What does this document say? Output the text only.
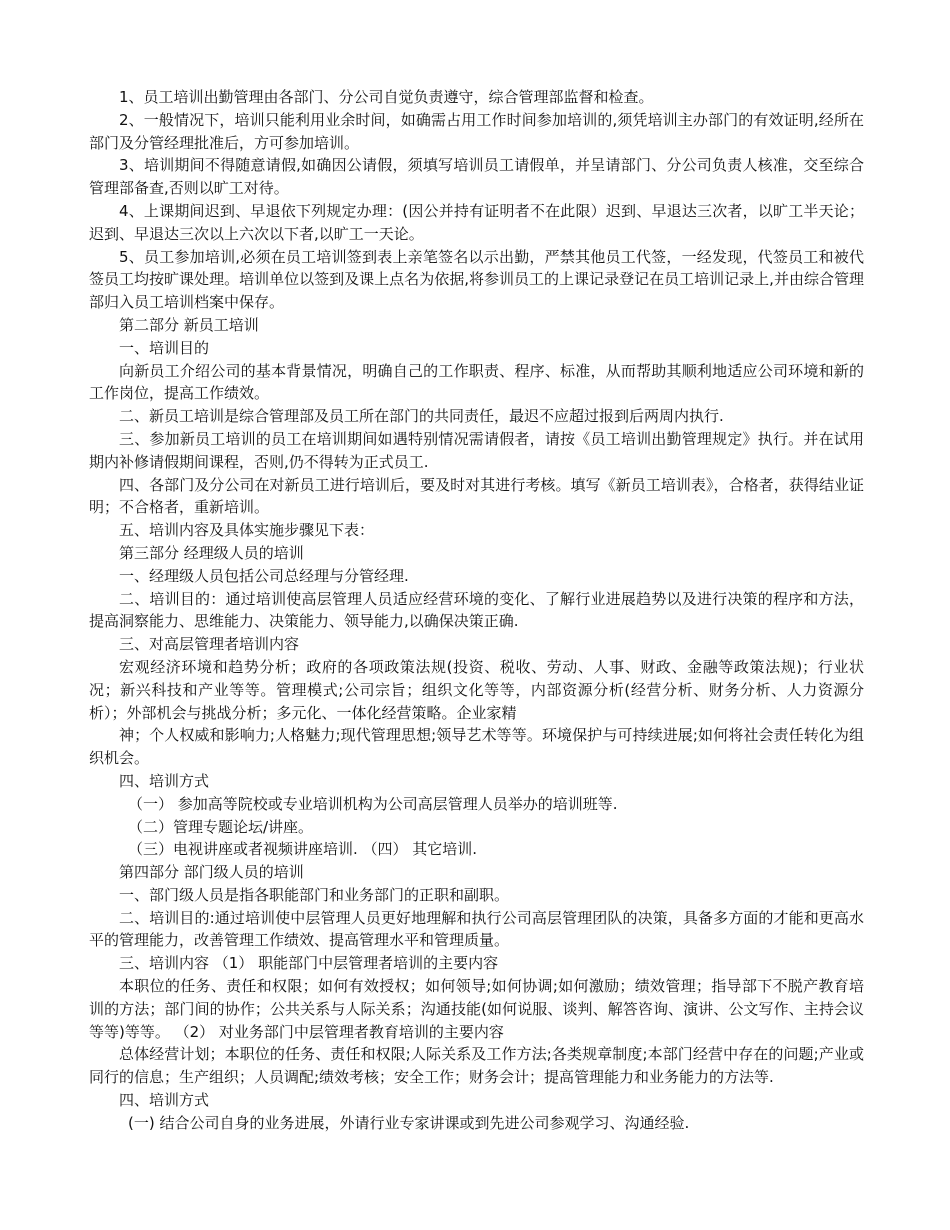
1、员工培训出勤管理由各部门、分公司自觉负责遵守，综合管理部监督和检查。

2、一般情况下，培训只能利用业余时间，如确需占用工作时间参加培训的,须凭培训主办部门的有效证明,经所在部门及分管经理批准后，方可参加培训。

3、培训期间不得随意请假,如确因公请假，须填写培训员工请假单，并呈请部门、分公司负责人核准，交至综合管理部备查,否则以旷工对待。

4、上课期间迟到、早退依下列规定办理：(因公并持有证明者不在此限）迟到、早退达三次者，以旷工半天论；迟到、早退达三次以上六次以下者,以旷工一天论。

5、员工参加培训,必须在员工培训签到表上亲笔签名以示出勤，严禁其他员工代签，一经发现，代签员工和被代签员工均按旷课处理。培训单位以签到及课上点名为依据,将参训员工的上课记录登记在员工培训记录上,并由综合管理部归入员工培训档案中保存。

第二部分 新员工培训

一、培训目的

向新员工介绍公司的基本背景情况，明确自己的工作职责、程序、标准，从而帮助其顺利地适应公司环境和新的工作岗位，提高工作绩效。

二、新员工培训是综合管理部及员工所在部门的共同责任，最迟不应超过报到后两周内执行.

三、参加新员工培训的员工在培训期间如遇特别情况需请假者，请按《员工培训出勤管理规定》执行。并在试用期内补修请假期间课程，否则,仍不得转为正式员工.

四、各部门及分公司在对新员工进行培训后，要及时对其进行考核。填写《新员工培训表》，合格者，获得结业证明；不合格者，重新培训。

五、培训内容及具体实施步骤见下表：

第三部分 经理级人员的培训

一、经理级人员包括公司总经理与分管经理.

二、培训目的：通过培训使高层管理人员适应经营环境的变化、了解行业进展趋势以及进行决策的程序和方法，提高洞察能力、思维能力、决策能力、领导能力,以确保决策正确.

三、对高层管理者培训内容

宏观经济环境和趋势分析；政府的各项政策法规(投资、税收、劳动、人事、财政、金融等政策法规)；行业状况；新兴科技和产业等等。管理模式;公司宗旨；组织文化等等，内部资源分析(经营分析、财务分析、人力资源分析）；外部机会与挑战分析；多元化、一体化经营策略。企业家精

神；个人权威和影响力;人格魅力;现代管理思想;领导艺术等等。环境保护与可持续进展;如何将社会责任转化为组织机会。

四、培训方式

（一） 参加高等院校或专业培训机构为公司高层管理人员举办的培训班等.

（二）管理专题论坛/讲座。

（三）电视讲座或者视频讲座培训. （四） 其它培训.

第四部分 部门级人员的培训

一、部门级人员是指各职能部门和业务部门的正职和副职。

二、培训目的:通过培训使中层管理人员更好地理解和执行公司高层管理团队的决策，具备多方面的才能和更高水平的管理能力，改善管理工作绩效、提高管理水平和管理质量。

三、培训内容 （1） 职能部门中层管理者培训的主要内容

本职位的任务、责任和权限；如何有效授权；如何领导;如何协调;如何激励；绩效管理；指导部下不脱产教育培训的方法；部门间的协作；公共关系与人际关系；沟通技能(如何说服、谈判、解答咨询、演讲、公文写作、主持会议等等)等等。 （2） 对业务部门中层管理者教育培训的主要内容

总体经营计划；本职位的任务、责任和权限;人际关系及工作方法;各类规章制度;本部门经营中存在的问题;产业或同行的信息；生产组织；人员调配;绩效考核；安全工作；财务会计；提高管理能力和业务能力的方法等.

四、培训方式

(一) 结合公司自身的业务进展，外请行业专家讲课或到先进公司参观学习、沟通经验.
